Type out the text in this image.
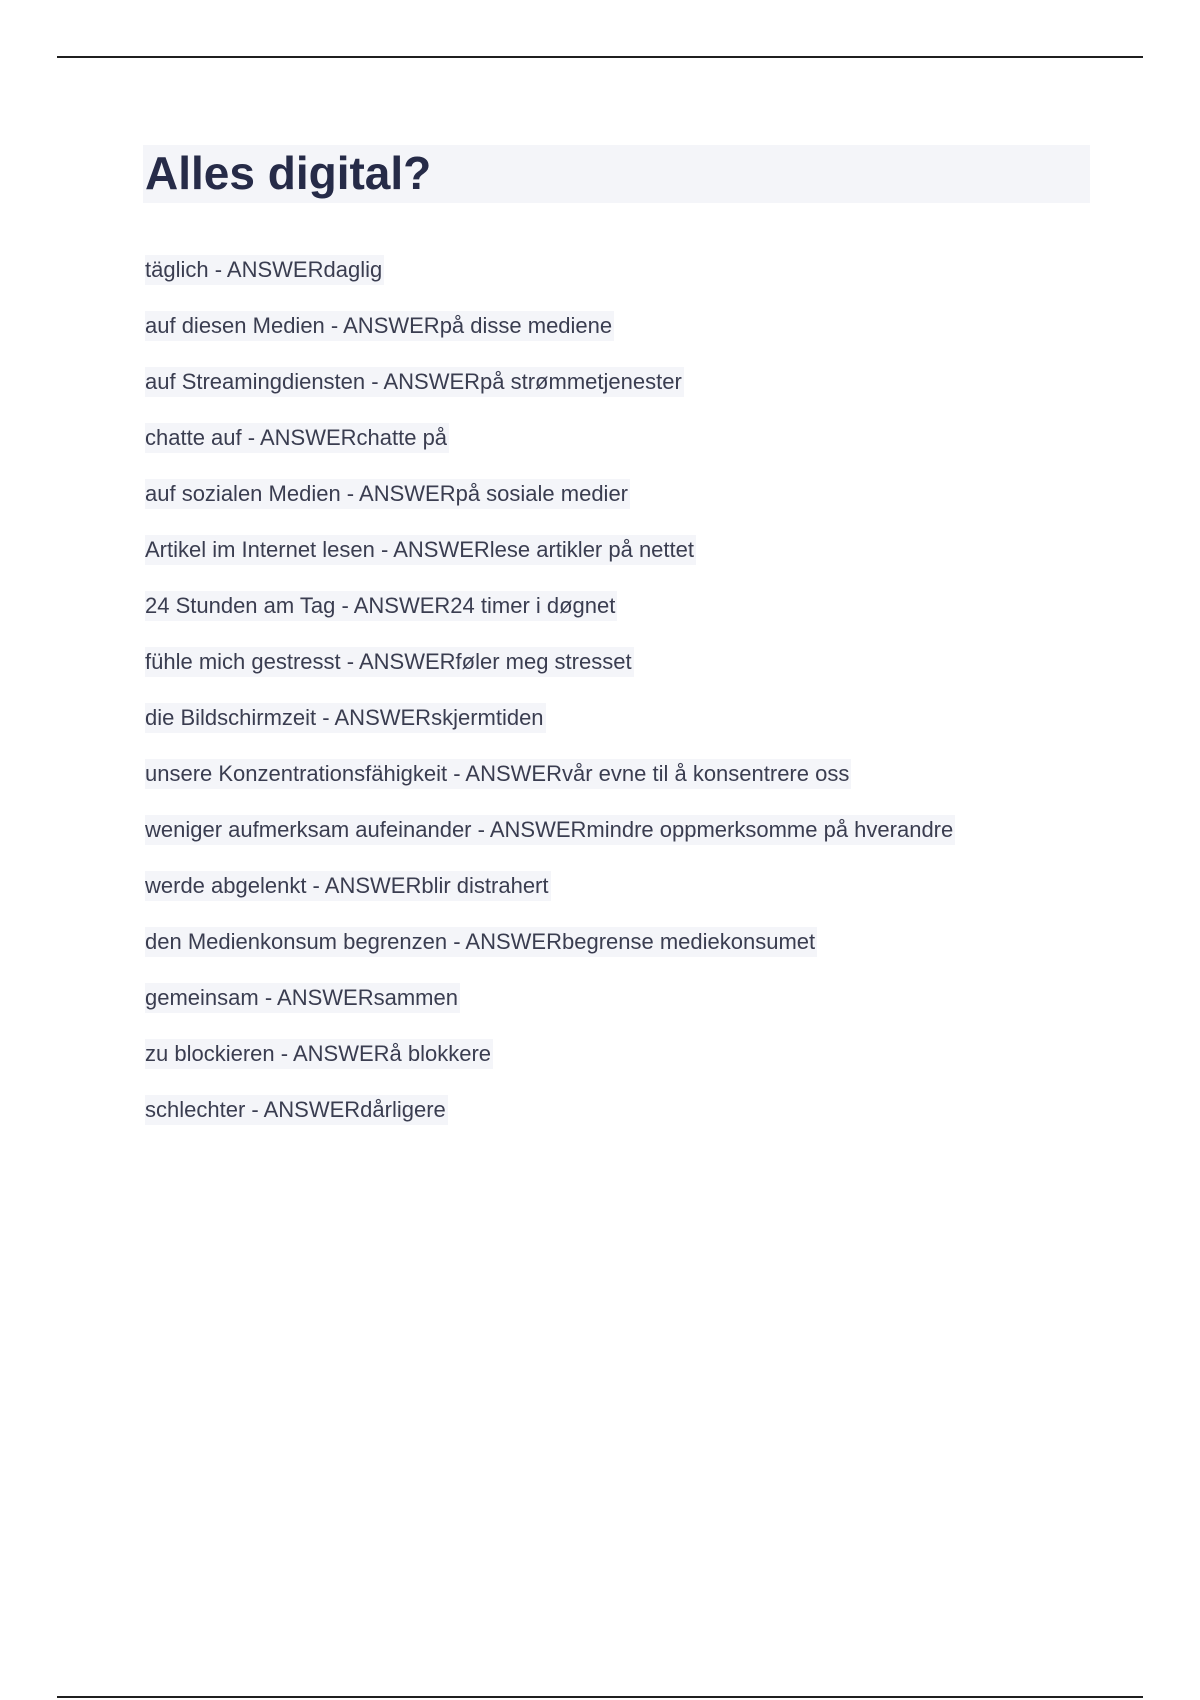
Alles digital?
täglich - ANSWERdaglig
auf diesen Medien - ANSWERpå disse mediene
auf Streamingdiensten - ANSWERpå strømmetjenester
chatte auf - ANSWERchatte på
auf sozialen Medien - ANSWERpå sosiale medier
Artikel im Internet lesen - ANSWERlese artikler på nettet
24 Stunden am Tag - ANSWER24 timer i døgnet
fühle mich gestresst - ANSWERføler meg stresset
die Bildschirmzeit - ANSWERskjermtiden
unsere Konzentrationsfähigkeit - ANSWERvår evne til å konsentrere oss
weniger aufmerksam aufeinander - ANSWERmindre oppmerksomme på hverandre
werde abgelenkt - ANSWERblir distrahert
den Medienkonsum begrenzen - ANSWERbegrense mediekonsumet
gemeinsam - ANSWERsammen
zu blockieren - ANSWERå blokkere
schlechter - ANSWERdårligere
